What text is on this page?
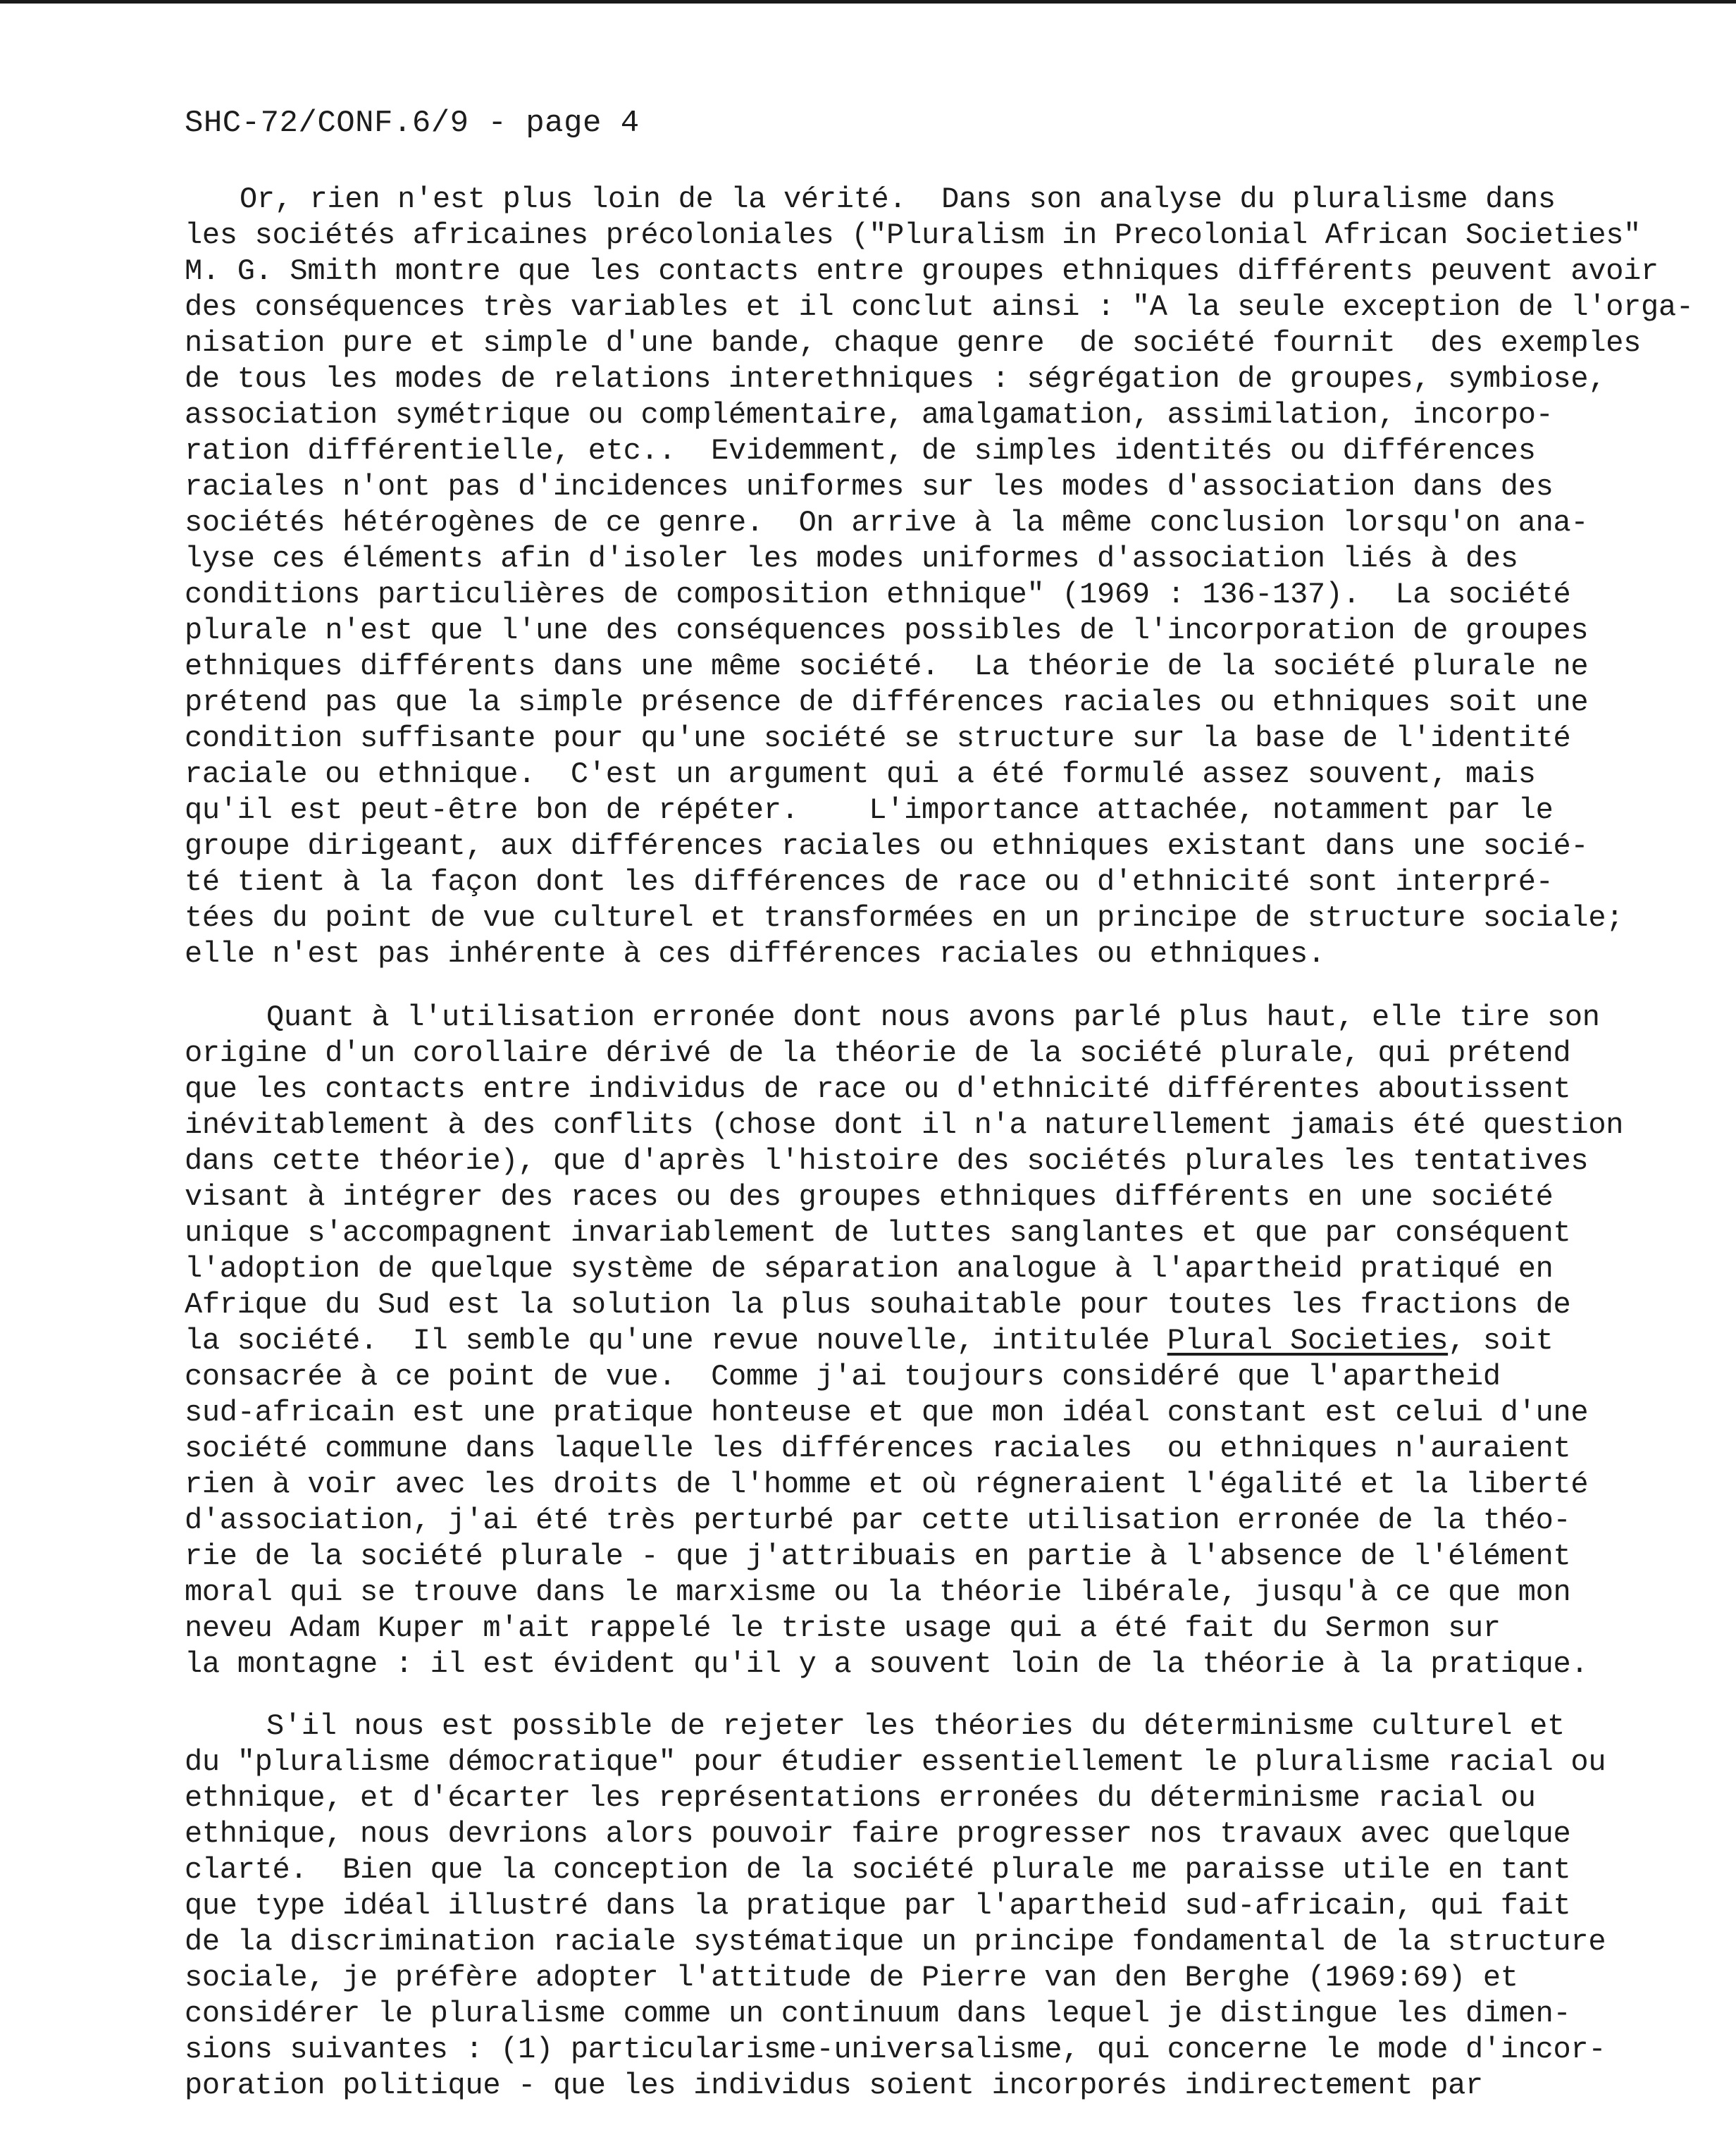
SHC-72/CONF.6/9 - page 4
Or, rien n'est plus loin de la vérité.  Dans son analyse du pluralisme dans
les sociétés africaines précoloniales ("Pluralism in Precolonial African Societies"
M. G. Smith montre que les contacts entre groupes ethniques différents peuvent avoir
des conséquences très variables et il conclut ainsi : "A la seule exception de l'orga-
nisation pure et simple d'une bande, chaque genre  de société fournit  des exemples
de tous les modes de relations interethniques : ségrégation de groupes, symbiose,
association symétrique ou complémentaire, amalgamation, assimilation, incorpo-
ration différentielle, etc..  Evidemment, de simples identités ou différences
raciales n'ont pas d'incidences uniformes sur les modes d'association dans des
sociétés hétérogènes de ce genre.  On arrive à la même conclusion lorsqu'on ana-
lyse ces éléments afin d'isoler les modes uniformes d'association liés à des
conditions particulières de composition ethnique" (1969 : 136-137).  La société
plurale n'est que l'une des conséquences possibles de l'incorporation de groupes
ethniques différents dans une même société.  La théorie de la société plurale ne
prétend pas que la simple présence de différences raciales ou ethniques soit une
condition suffisante pour qu'une société se structure sur la base de l'identité
raciale ou ethnique.  C'est un argument qui a été formulé assez souvent, mais
qu'il est peut-être bon de répéter.    L'importance attachée, notamment par le
groupe dirigeant, aux différences raciales ou ethniques existant dans une socié-
té tient à la façon dont les différences de race ou d'ethnicité sont interpré-
tées du point de vue culturel et transformées en un principe de structure sociale;
elle n'est pas inhérente à ces différences raciales ou ethniques.
Quant à l'utilisation erronée dont nous avons parlé plus haut, elle tire son
origine d'un corollaire dérivé de la théorie de la société plurale, qui prétend
que les contacts entre individus de race ou d'ethnicité différentes aboutissent
inévitablement à des conflits (chose dont il n'a naturellement jamais été question
dans cette théorie), que d'après l'histoire des sociétés plurales les tentatives
visant à intégrer des races ou des groupes ethniques différents en une société
unique s'accompagnent invariablement de luttes sanglantes et que par conséquent
l'adoption de quelque système de séparation analogue à l'apartheid pratiqué en
Afrique du Sud est la solution la plus souhaitable pour toutes les fractions de
la société.  Il semble qu'une revue nouvelle, intitulée Plural Societies, soit
consacrée à ce point de vue.  Comme j'ai toujours considéré que l'apartheid
sud-africain est une pratique honteuse et que mon idéal constant est celui d'une
société commune dans laquelle les différences raciales  ou ethniques n'auraient
rien à voir avec les droits de l'homme et où régneraient l'égalité et la liberté
d'association, j'ai été très perturbé par cette utilisation erronée de la théo-
rie de la société plurale - que j'attribuais en partie à l'absence de l'élément
moral qui se trouve dans le marxisme ou la théorie libérale, jusqu'à ce que mon
neveu Adam Kuper m'ait rappelé le triste usage qui a été fait du Sermon sur
la montagne : il est évident qu'il y a souvent loin de la théorie à la pratique.
S'il nous est possible de rejeter les théories du déterminisme culturel et
du "pluralisme démocratique" pour étudier essentiellement le pluralisme racial ou
ethnique, et d'écarter les représentations erronées du déterminisme racial ou
ethnique, nous devrions alors pouvoir faire progresser nos travaux avec quelque
clarté.  Bien que la conception de la société plurale me paraisse utile en tant
que type idéal illustré dans la pratique par l'apartheid sud-africain, qui fait
de la discrimination raciale systématique un principe fondamental de la structure
sociale, je préfère adopter l'attitude de Pierre van den Berghe (1969:69) et
considérer le pluralisme comme un continuum dans lequel je distingue les dimen-
sions suivantes : (1) particularisme-universalisme, qui concerne le mode d'incor-
poration politique - que les individus soient incorporés indirectement par
